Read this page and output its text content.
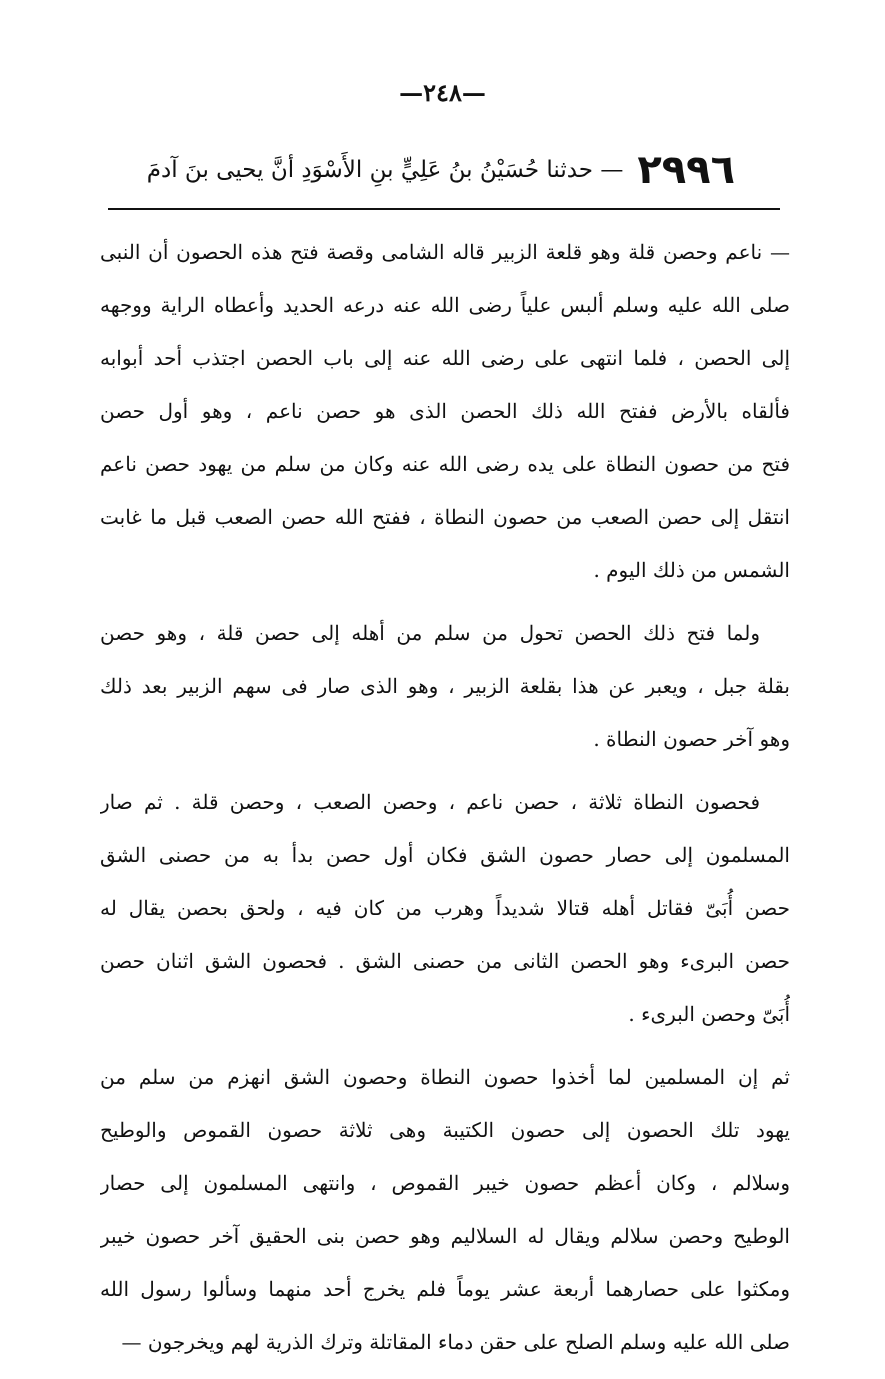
—٢٤٨—
٢٩٩٦
— حدثنا حُسَيْنُ بنُ عَلِيٍّ بنِ الأَسْوَدِ أنَّ يحيى بنَ آدمَ
— ناعم وحصن قلة وهو قلعة الزبير قاله الشامى وقصة فتح هذه الحصون أن النبى
صلى الله عليه وسلم ألبس علياً رضى الله عنه درعه الحديد وأعطاه الراية ووجهه
إلى الحصن ، فلما انتهى على رضى الله عنه إلى باب الحصن اجتذب أحد أبوابه
فألقاه بالأرض ففتح الله ذلك الحصن الذى هو حصن ناعم ، وهو أول حصن
فتح من حصون النطاة على يده رضى الله عنه وكان من سلم من يهود حصن ناعم
انتقل إلى حصن الصعب من حصون النطاة ، ففتح الله حصن الصعب قبل ما غابت
الشمس من ذلك اليوم .
ولما فتح ذلك الحصن تحول من سلم من أهله إلى حصن قلة ، وهو حصن
بقلة جبل ، ويعبر عن هذا بقلعة الزبير ، وهو الذى صار فى سهم الزبير بعد ذلك
وهو آخر حصون النطاة .
فحصون النطاة ثلاثة ، حصن ناعم ، وحصن الصعب ، وحصن قلة . ثم صار
المسلمون إلى حصار حصون الشق فكان أول حصن بدأ به من حصنى الشق
حصن أُبَىّ فقاتل أهله قتالا شديداً وهرب من كان فيه ، ولحق بحصن يقال له
حصن البرىء وهو الحصن الثانى من حصنى الشق . فحصون الشق اثنان حصن
أُبَىّ وحصن البرىء .
ثم إن المسلمين لما أخذوا حصون النطاة وحصون الشق انهزم من سلم من
يهود تلك الحصون إلى حصون الكتيبة وهى ثلاثة حصون القموص والوطيح
وسلالم ، وكان أعظم حصون خيبر القموص ، وانتهى المسلمون إلى حصار
الوطيح وحصن سلالم ويقال له السلاليم وهو حصن بنى الحقيق آخر حصون خيبر
ومكثوا على حصارهما أربعة عشر يوماً فلم يخرج أحد منهما وسألوا رسول الله
صلى الله عليه وسلم الصلح على حقن دماء المقاتلة وترك الذرية لهم ويخرجون —
